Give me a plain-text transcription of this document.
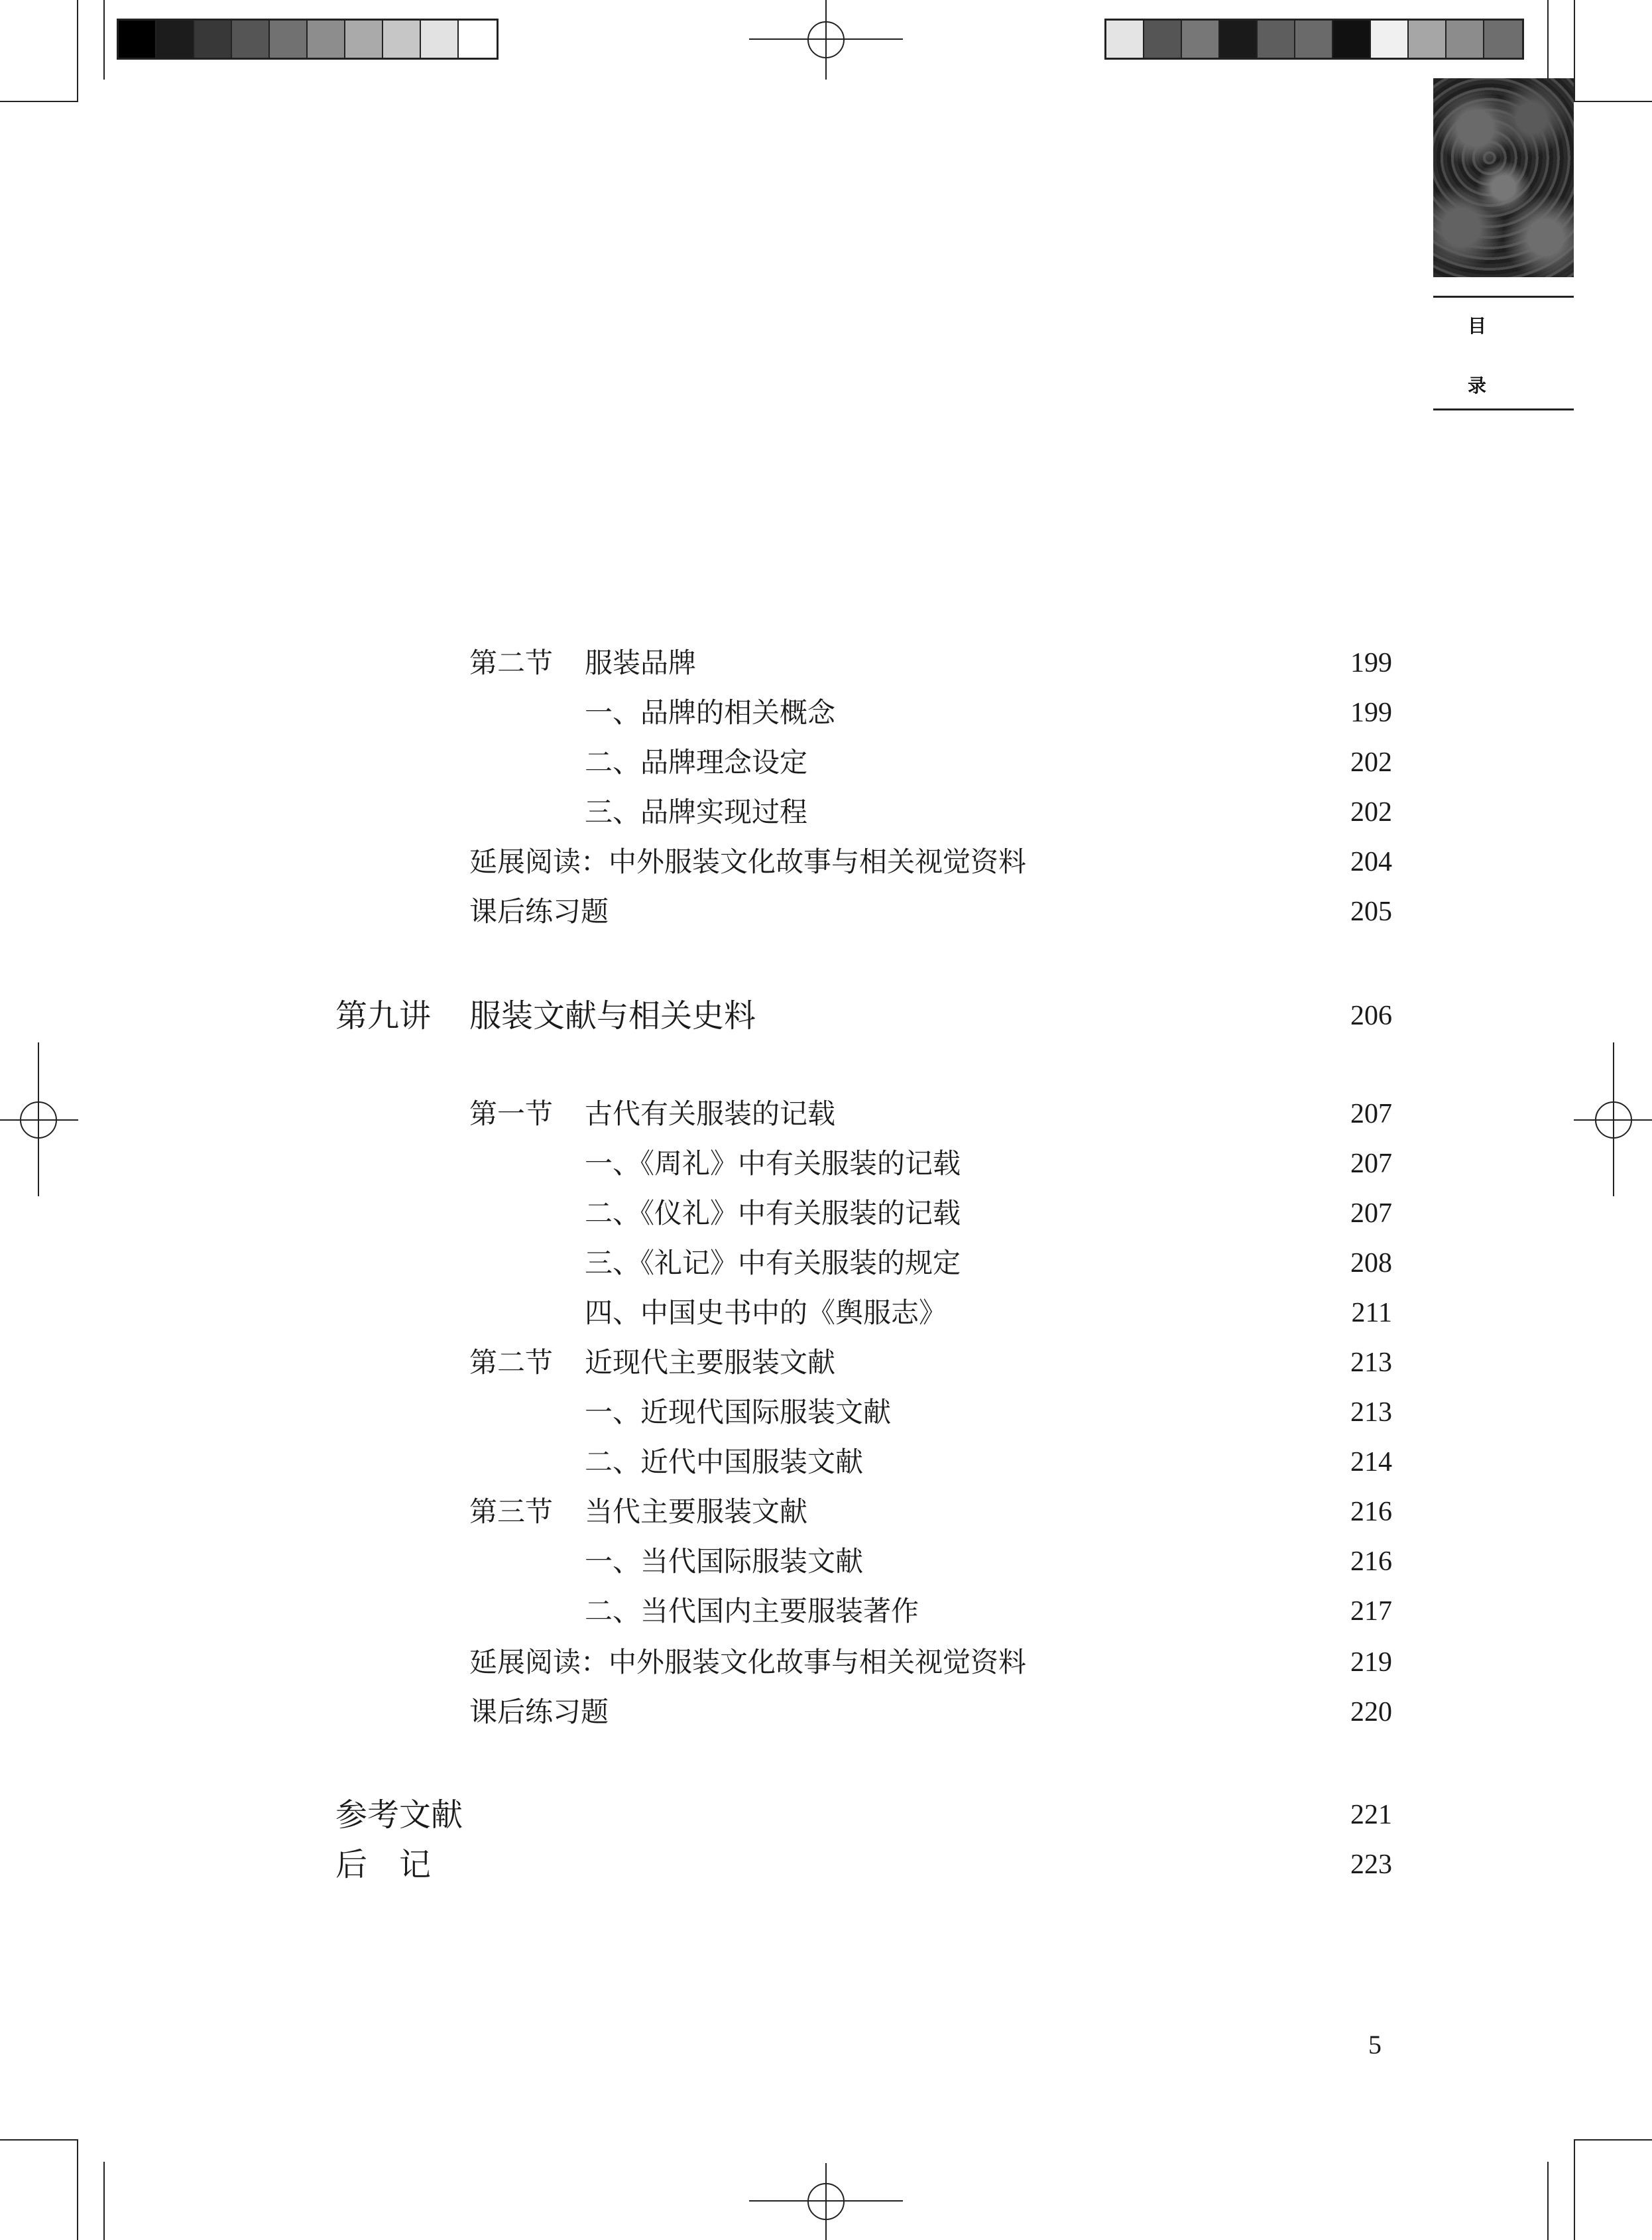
目
录
第二节 服装品牌	199
一、品牌的相关概念	199
二、品牌理念设定	202
三、品牌实现过程	202
延展阅读：中外服装文化故事与相关视觉资料	204
课后练习题	205
第九讲 服装文献与相关史料	206
第一节 古代有关服装的记载	207
一、《周礼》中有关服装的记载	207
二、《仪礼》中有关服装的记载	207
三、《礼记》中有关服装的规定	208
四、中国史书中的《舆服志》	211
第二节 近现代主要服装文献	213
一、近现代国际服装文献	213
二、近代中国服装文献	214
第三节 当代主要服装文献	216
一、当代国际服装文献	216
二、当代国内主要服装著作	217
延展阅读：中外服装文化故事与相关视觉资料	219
课后练习题	220
参考文献	221
后　记	223
5
